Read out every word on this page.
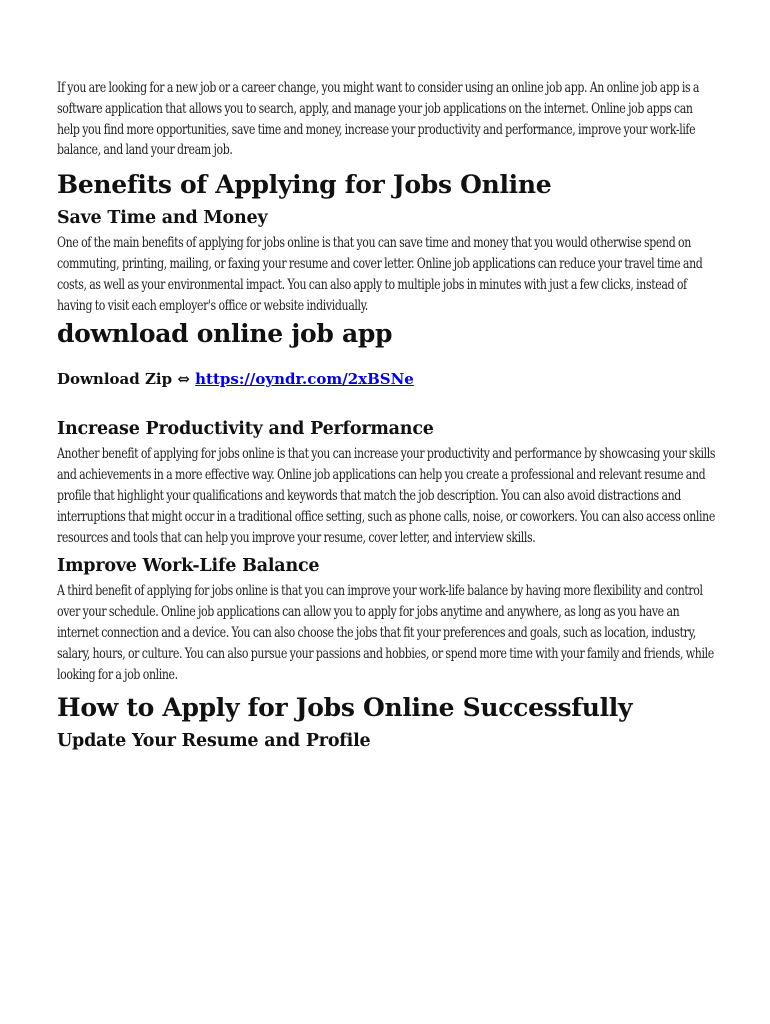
If you are looking for a new job or a career change, you might want to consider using an online job app. An online job app is a software application that allows you to search, apply, and manage your job applications on the internet. Online job apps can help you find more opportunities, save time and money, increase your productivity and performance, improve your work-life balance, and land your dream job.

Benefits of Applying for Jobs Online
Save Time and Money

One of the main benefits of applying for jobs online is that you can save time and money that you would otherwise spend on commuting, printing, mailing, or faxing your resume and cover letter. Online job applications can reduce your travel time and costs, as well as your environmental impact. You can also apply to multiple jobs in minutes with just a few clicks, instead of having to visit each employer's office or website individually.

download online job app
Download Zip ⇔ https://oyndr.com/2xBSNe
Increase Productivity and Performance

Another benefit of applying for jobs online is that you can increase your productivity and performance by showcasing your skills and achievements in a more effective way. Online job applications can help you create a professional and relevant resume and profile that highlight your qualifications and keywords that match the job description. You can also avoid distractions and interruptions that might occur in a traditional office setting, such as phone calls, noise, or coworkers. You can also access online resources and tools that can help you improve your resume, cover letter, and interview skills.

Improve Work-Life Balance

A third benefit of applying for jobs online is that you can improve your work-life balance by having more flexibility and control over your schedule. Online job applications can allow you to apply for jobs anytime and anywhere, as long as you have an internet connection and a device. You can also choose the jobs that fit your preferences and goals, such as location, industry, salary, hours, or culture. You can also pursue your passions and hobbies, or spend more time with your family and friends, while looking for a job online.

How to Apply for Jobs Online Successfully
Update Your Resume and Profile
